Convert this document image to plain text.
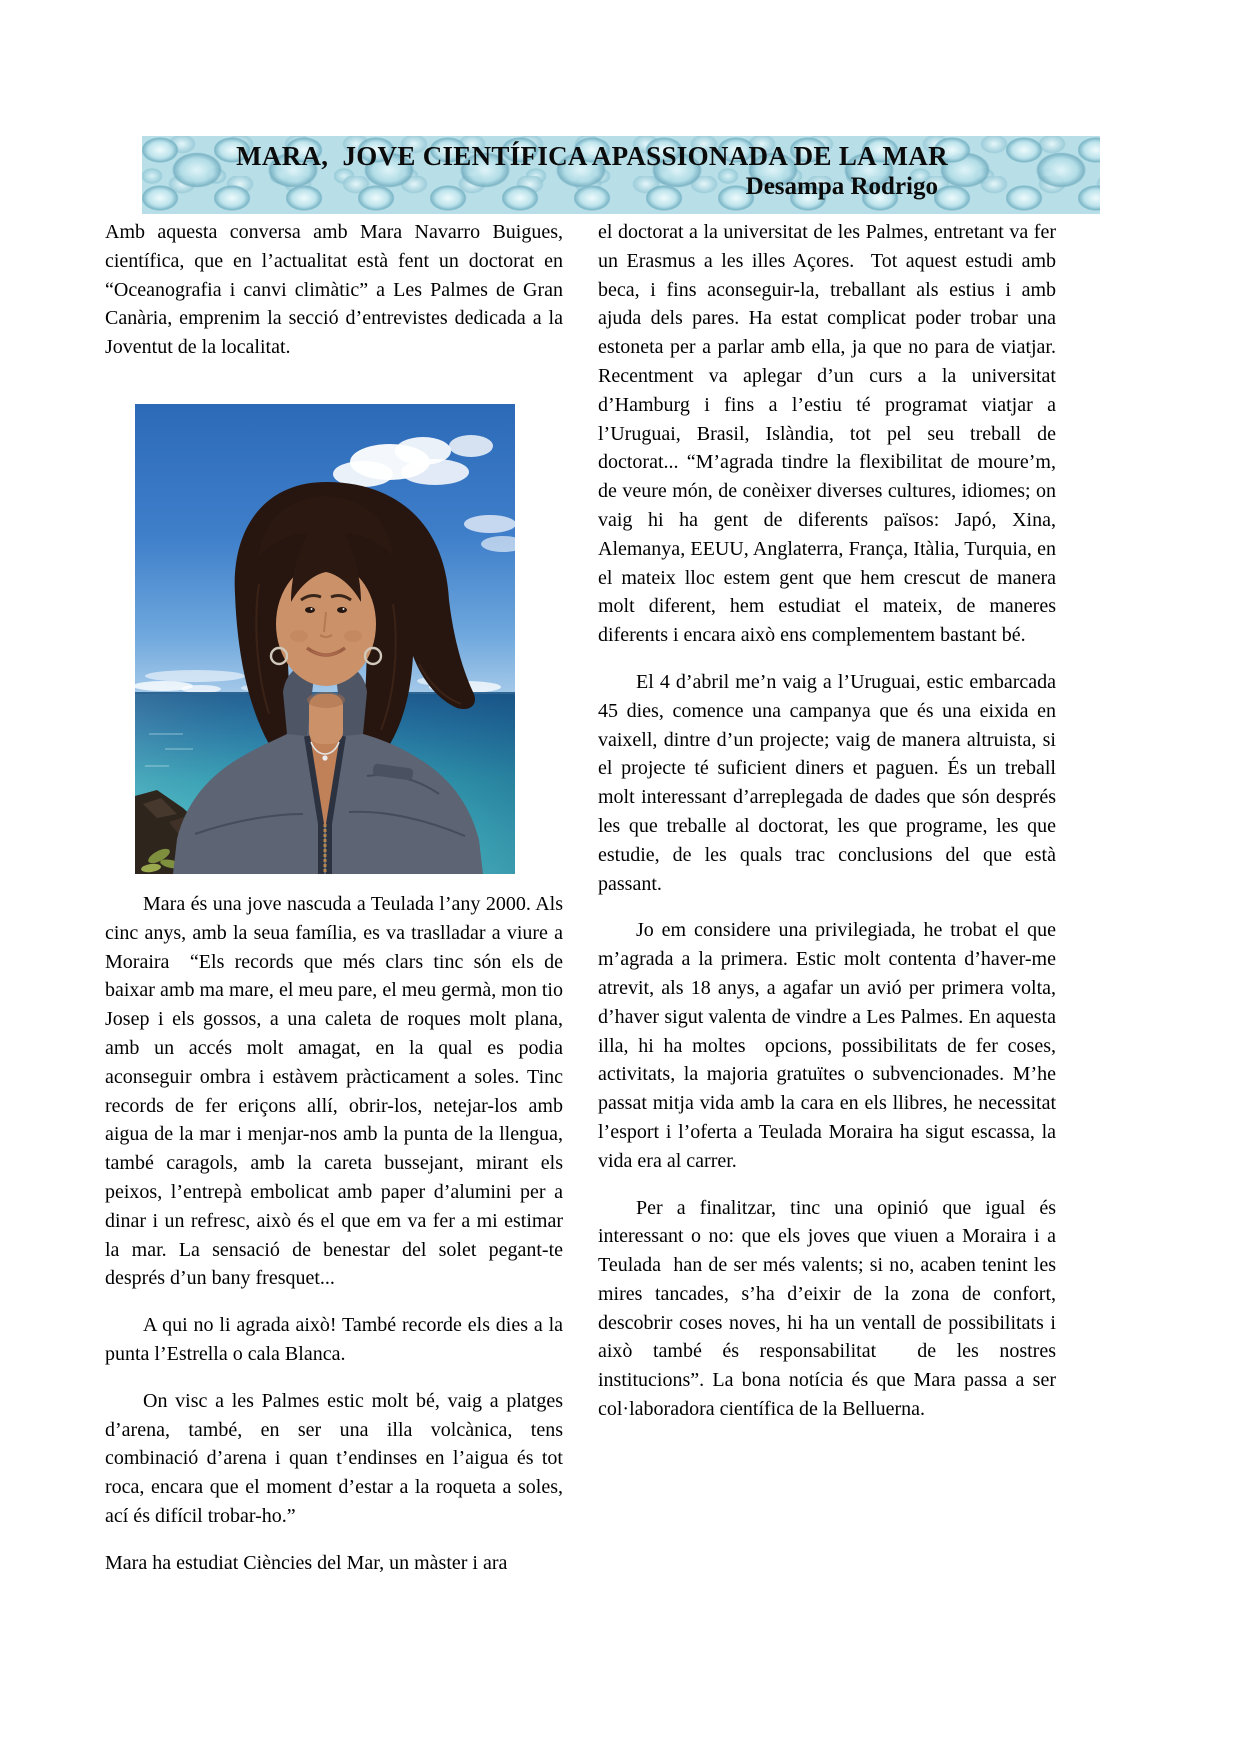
MARA,  JOVE CIENTÍFICA APASSIONADA DE LA MAR
Desampa Rodrigo

Amb aquesta conversa amb Mara Navarro Buigues, científica, que en l’actualitat està fent un doctorat en “Oceanografia i canvi climàtic” a Les Palmes de Gran Canària, emprenim la secció d’entrevistes dedicada a la Joventut de la localitat.

Mara és una jove nascuda a Teulada l’any 2000. Als cinc anys, amb la seua família, es va traslladar a viure a Moraira  “Els records que més clars tinc són els de baixar amb ma mare, el meu pare, el meu germà, mon tio Josep i els gossos, a una caleta de roques molt plana, amb un accés molt amagat, en la qual es podia aconseguir ombra i estàvem pràcticament a soles. Tinc records de fer eriçons allí, obrir-los, netejar-los amb aigua de la mar i menjar-nos amb la punta de la llengua, també caragols, amb la careta bussejant, mirant els peixos, l’entrepà embolicat amb paper d’alumini per a dinar i un refresc, això és el que em va fer a mi estimar la mar. La sensació de benestar del solet pegant-te després d’un bany fresquet...

A qui no li agrada això! També recorde els dies a la punta l’Estrella o cala Blanca.

On visc a les Palmes estic molt bé, vaig a platges d’arena, també, en ser una illa volcànica, tens combinació d’arena i quan t’endinses en l’aigua és tot roca, encara que el moment d’estar a la roqueta a soles, ací és difícil trobar-ho.”

Mara ha estudiat Ciències del Mar, un màster i ara

el doctorat a la universitat de les Palmes, entretant va fer un Erasmus a les illes Açores.  Tot aquest estudi amb beca, i fins aconseguir-la, treballant als estius i amb ajuda dels pares. Ha estat complicat poder trobar una estoneta per a parlar amb ella, ja que no para de viatjar. Recentment va aplegar d’un curs a la universitat d’Hamburg i fins a l’estiu té programat viatjar a l’Uruguai, Brasil, Islàndia, tot pel seu treball de doctorat... “M’agrada tindre la flexibilitat de moure’m, de veure món, de conèixer diverses cultures, idiomes; on vaig hi ha gent de diferents països: Japó, Xina, Alemanya, EEUU, Anglaterra, França, Itàlia, Turquia, en el mateix lloc estem gent que hem crescut de manera molt diferent, hem estudiat el mateix, de maneres diferents i encara això ens complementem bastant bé.

El 4 d’abril me’n vaig a l’Uruguai, estic embarcada 45 dies, comence una campanya que és una eixida en vaixell, dintre d’un projecte; vaig de manera altruista, si el projecte té suficient diners et paguen. És un treball molt interessant d’arreplegada de dades que són després les que treballe al doctorat, les que programe, les que estudie, de les quals trac conclusions del que està passant.

Jo em considere una privilegiada, he trobat el que m’agrada a la primera. Estic molt contenta d’haver-me atrevit, als 18 anys, a agafar un avió per primera volta, d’haver sigut valenta de vindre a Les Palmes. En aquesta illa, hi ha moltes  opcions, possibilitats de fer coses, activitats, la majoria gratuïtes o subvencionades. M’he passat mitja vida amb la cara en els llibres, he necessitat l’esport i l’oferta a Teulada Moraira ha sigut escassa, la vida era al carrer.

Per a finalitzar, tinc una opinió que igual és interessant o no: que els joves que viuen a Moraira i a Teulada  han de ser més valents; si no, acaben tenint les mires tancades, s’ha d’eixir de la zona de confort, descobrir coses noves, hi ha un ventall de possibilitats i això també és responsabilitat  de les nostres institucions”. La bona notícia és que Mara passa a ser col·laboradora científica de la Belluerna.
